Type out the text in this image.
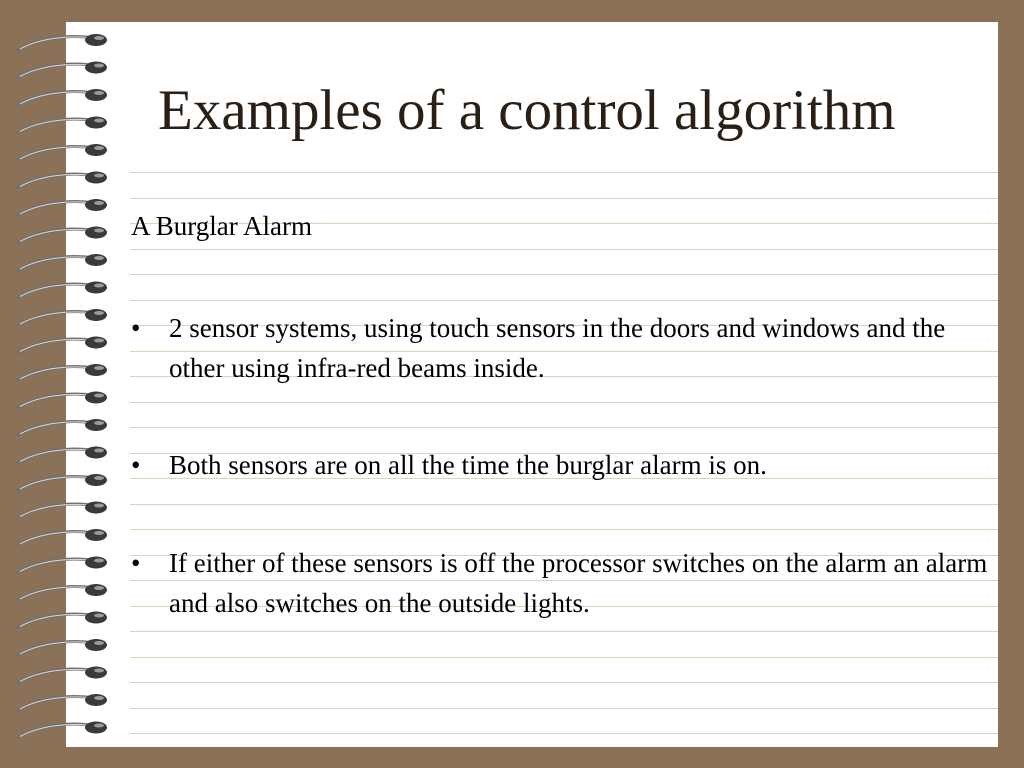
Examples of a control algorithm
A Burglar Alarm
• 2 sensor systems, using touch sensors in the doors and windows and the other using infra-red beams inside.
• Both sensors are on all the time the burglar alarm is on.
• If either of these sensors is off the processor switches on the alarm an alarm and also switches on the outside lights.
